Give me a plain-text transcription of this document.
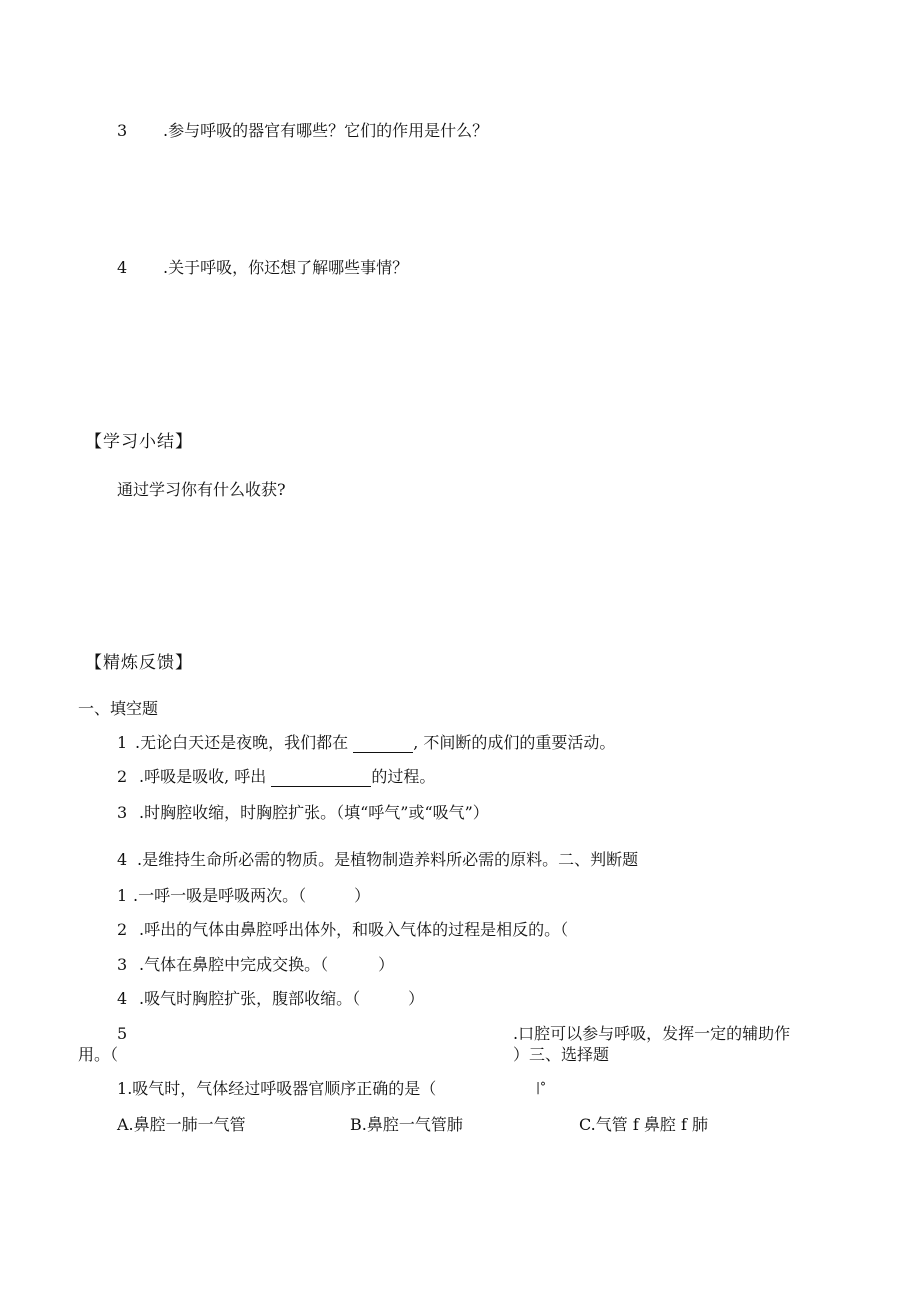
3 .参与呼吸的器官有哪些？它们的作用是什么？
4 .关于呼吸，你还想了解哪些事情？
【学习小结】
通过学习你有什么收获?
【精炼反馈】
一、填空题
1 .无论白天还是夜晚，我们都在	, 不间断的成们的重要活动。
2 .呼吸是吸收, 呼出	的过程。
3 .时胸腔收缩，时胸腔扩张。（填“呼气”或“吸气”）
4 .是维持生命所必需的物质。是植物制造养料所必需的原料。二、判断题
1 .一呼一吸是呼吸两次。（	）
2 .呼出的气体由鼻腔呼出体外，和吸入气体的过程是相反的。（
3 .气体在鼻腔中完成交换。（	）
4 .吸气时胸腔扩张，腹部收缩。（	）
5	.口腔可以参与呼吸，发挥一定的辅助作
用。（	）三、选择题
1.吸气时，气体经过呼吸器官顺序正确的是（	|°
A.鼻腔一肺一气管	B.鼻腔一气管肺	C.气管 f 鼻腔 f 肺
